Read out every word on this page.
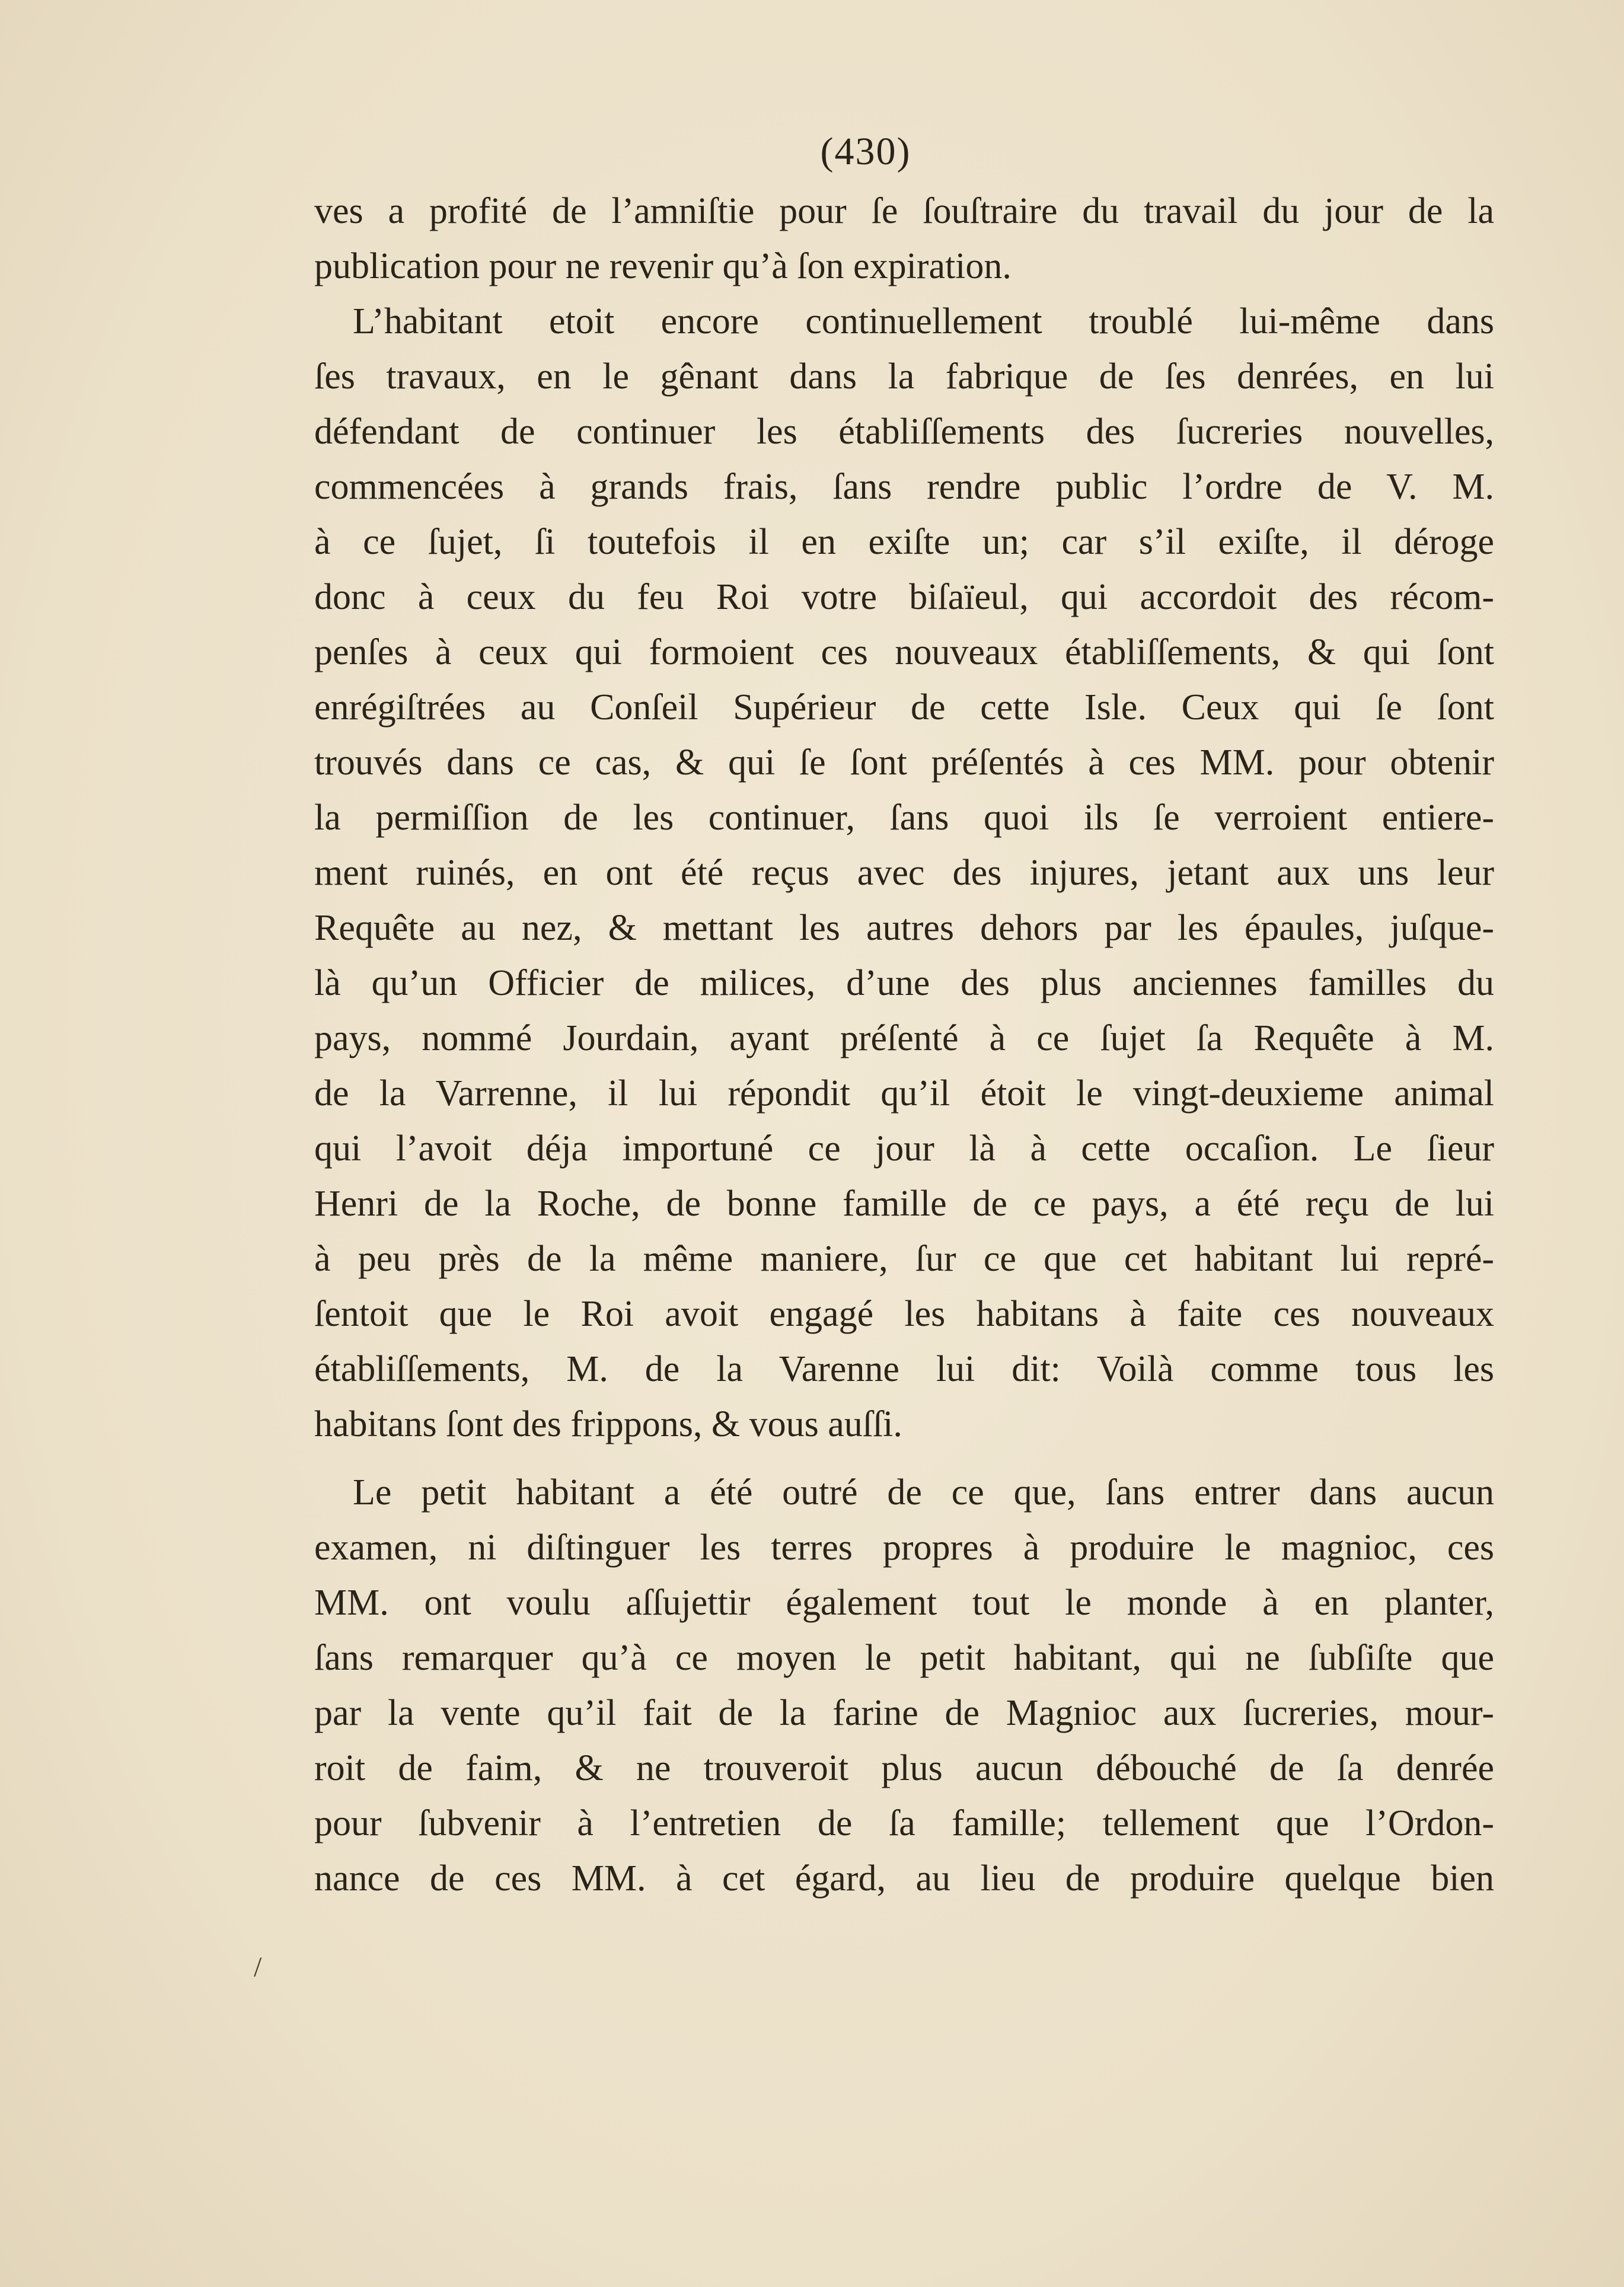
(430)
ves a profité de l’amniſtie pour ſe ſouſtraire du travail du jour de la
publication pour ne revenir qu’à ſon expiration.
L’habitant etoit encore continuellement troublé lui-même dans
ſes travaux, en le gênant dans la fabrique de ſes denrées, en lui
défendant de continuer les établiſſements des ſucreries nouvelles,
commencées à grands frais, ſans rendre public l’ordre de V. M.
à ce ſujet, ſi toutefois il en exiſte un; car s’il exiſte, il déroge
donc à ceux du feu Roi votre biſaïeul, qui accordoit des récom-
penſes à ceux qui formoient ces nouveaux établiſſements, & qui ſont
enrégiſtrées au Conſeil Supérieur de cette Isle. Ceux qui ſe ſont
trouvés dans ce cas, & qui ſe ſont préſentés à ces MM. pour obtenir
la permiſſion de les continuer, ſans quoi ils ſe verroient entiere-
ment ruinés, en ont été reçus avec des injures, jetant aux uns leur
Requête au nez, & mettant les autres dehors par les épaules, juſque-
là qu’un Officier de milices, d’une des plus anciennes familles du
pays, nommé Jourdain, ayant préſenté à ce ſujet ſa Requête à M.
de la Varrenne, il lui répondit qu’il étoit le vingt-deuxieme animal
qui l’avoit déja importuné ce jour là à cette occaſion. Le ſieur
Henri de la Roche, de bonne famille de ce pays, a été reçu de lui
à peu près de la même maniere, ſur ce que cet habitant lui repré-
ſentoit que le Roi avoit engagé les habitans à faite ces nouveaux
établiſſements, M. de la Varenne lui dit: Voilà comme tous les
habitans ſont des frippons, & vous auſſi.
Le petit habitant a été outré de ce que, ſans entrer dans aucun
examen, ni diſtinguer les terres propres à produire le magnioc, ces
MM. ont voulu aſſujettir également tout le monde à en planter,
ſans remarquer qu’à ce moyen le petit habitant, qui ne ſubſiſte que
par la vente qu’il fait de la farine de Magnioc aux ſucreries, mour-
roit de faim, & ne trouveroit plus aucun débouché de ſa denrée
pour ſubvenir à l’entretien de ſa famille; tellement que l’Ordon-
nance de ces MM. à cet égard, au lieu de produire quelque bien
/
